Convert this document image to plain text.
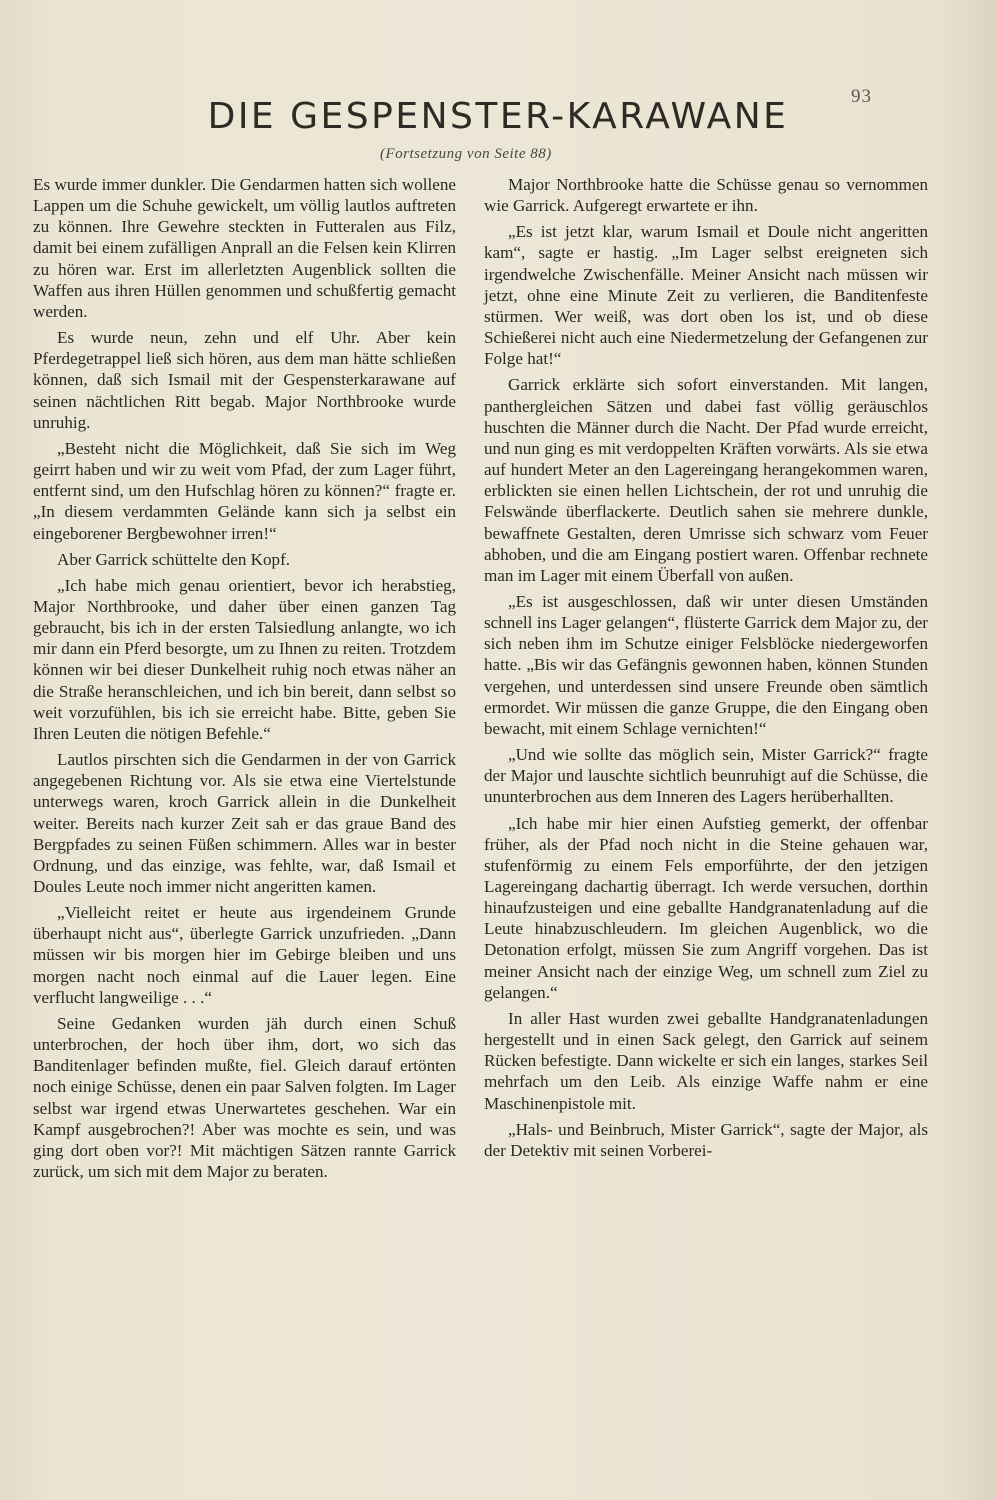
93
DIE GESPENSTER-KARAWANE
(Fortsetzung von Seite 88)

Es wurde immer dunkler. Die Gendarmen hatten sich wollene Lappen um die Schuhe gewickelt, um völlig lautlos auftreten zu können. Ihre Gewehre steckten in Futteralen aus Filz, damit bei einem zufälligen Anprall an die Felsen kein Klirren zu hören war. Erst im allerletzten Augenblick sollten die Waffen aus ihren Hüllen genommen und schußfertig gemacht werden.

Es wurde neun, zehn und elf Uhr. Aber kein Pferdegetrappel ließ sich hören, aus dem man hätte schließen können, daß sich Ismail mit der Gespensterkarawane auf seinen nächtlichen Ritt begab. Major Northbrooke wurde unruhig.

„Besteht nicht die Möglichkeit, daß Sie sich im Weg geirrt haben und wir zu weit vom Pfad, der zum Lager führt, entfernt sind, um den Hufschlag hören zu können?“ fragte er. „In diesem verdammten Gelände kann sich ja selbst ein eingeborener Bergbewohner irren!“

Aber Garrick schüttelte den Kopf.

„Ich habe mich genau orientiert, bevor ich herabstieg, Major Northbrooke, und daher über einen ganzen Tag gebraucht, bis ich in der ersten Talsiedlung anlangte, wo ich mir dann ein Pferd besorgte, um zu Ihnen zu reiten. Trotzdem können wir bei dieser Dunkelheit ruhig noch etwas näher an die Straße heranschleichen, und ich bin bereit, dann selbst so weit vorzufühlen, bis ich sie erreicht habe. Bitte, geben Sie Ihren Leuten die nötigen Befehle.“

Lautlos pirschten sich die Gendarmen in der von Garrick angegebenen Richtung vor. Als sie etwa eine Viertelstunde unterwegs waren, kroch Garrick allein in die Dunkelheit weiter. Bereits nach kurzer Zeit sah er das graue Band des Bergpfades zu seinen Füßen schimmern. Alles war in bester Ordnung, und das einzige, was fehlte, war, daß Ismail et Doules Leute noch immer nicht angeritten kamen.

„Vielleicht reitet er heute aus irgendeinem Grunde überhaupt nicht aus“, überlegte Garrick unzufrieden. „Dann müssen wir bis morgen hier im Gebirge bleiben und uns morgen nacht noch einmal auf die Lauer legen. Eine verflucht langweilige . . .“

Seine Gedanken wurden jäh durch einen Schuß unterbrochen, der hoch über ihm, dort, wo sich das Banditenlager befinden mußte, fiel. Gleich darauf ertönten noch einige Schüsse, denen ein paar Salven folgten. Im Lager selbst war irgend etwas Unerwartetes geschehen. War ein Kampf ausgebrochen?! Aber was mochte es sein, und was ging dort oben vor?! Mit mächtigen Sätzen rannte Garrick zurück, um sich mit dem Major zu beraten.

Major Northbrooke hatte die Schüsse genau so vernommen wie Garrick. Aufgeregt erwartete er ihn.

„Es ist jetzt klar, warum Ismail et Doule nicht angeritten kam“, sagte er hastig. „Im Lager selbst ereigneten sich irgendwelche Zwischenfälle. Meiner Ansicht nach müssen wir jetzt, ohne eine Minute Zeit zu verlieren, die Banditenfeste stürmen. Wer weiß, was dort oben los ist, und ob diese Schießerei nicht auch eine Niedermetzelung der Gefangenen zur Folge hat!“

Garrick erklärte sich sofort einverstanden. Mit langen, panthergleichen Sätzen und dabei fast völlig geräuschlos huschten die Männer durch die Nacht. Der Pfad wurde erreicht, und nun ging es mit verdoppelten Kräften vorwärts. Als sie etwa auf hundert Meter an den Lagereingang herangekommen waren, erblickten sie einen hellen Lichtschein, der rot und unruhig die Felswände überflackerte. Deutlich sahen sie mehrere dunkle, bewaffnete Gestalten, deren Umrisse sich schwarz vom Feuer abhoben, und die am Eingang postiert waren. Offenbar rechnete man im Lager mit einem Überfall von außen.

„Es ist ausgeschlossen, daß wir unter diesen Umständen schnell ins Lager gelangen“, flüsterte Garrick dem Major zu, der sich neben ihm im Schutze einiger Felsblöcke niedergeworfen hatte. „Bis wir das Gefängnis gewonnen haben, können Stunden vergehen, und unterdessen sind unsere Freunde oben sämtlich ermordet. Wir müssen die ganze Gruppe, die den Eingang oben bewacht, mit einem Schlage vernichten!“

„Und wie sollte das möglich sein, Mister Garrick?“ fragte der Major und lauschte sichtlich beunruhigt auf die Schüsse, die ununterbrochen aus dem Inneren des Lagers herüberhallten.

„Ich habe mir hier einen Aufstieg gemerkt, der offenbar früher, als der Pfad noch nicht in die Steine gehauen war, stufenförmig zu einem Fels emporführte, der den jetzigen Lagereingang dachartig überragt. Ich werde versuchen, dorthin hinaufzusteigen und eine geballte Handgranatenladung auf die Leute hinabzuschleudern. Im gleichen Augenblick, wo die Detonation erfolgt, müssen Sie zum Angriff vorgehen. Das ist meiner Ansicht nach der einzige Weg, um schnell zum Ziel zu gelangen.“

In aller Hast wurden zwei geballte Handgranatenladungen hergestellt und in einen Sack gelegt, den Garrick auf seinem Rücken befestigte. Dann wickelte er sich ein langes, starkes Seil mehrfach um den Leib. Als einzige Waffe nahm er eine Maschinenpistole mit.

„Hals- und Beinbruch, Mister Garrick“, sagte der Major, als der Detektiv mit seinen Vorberei-
